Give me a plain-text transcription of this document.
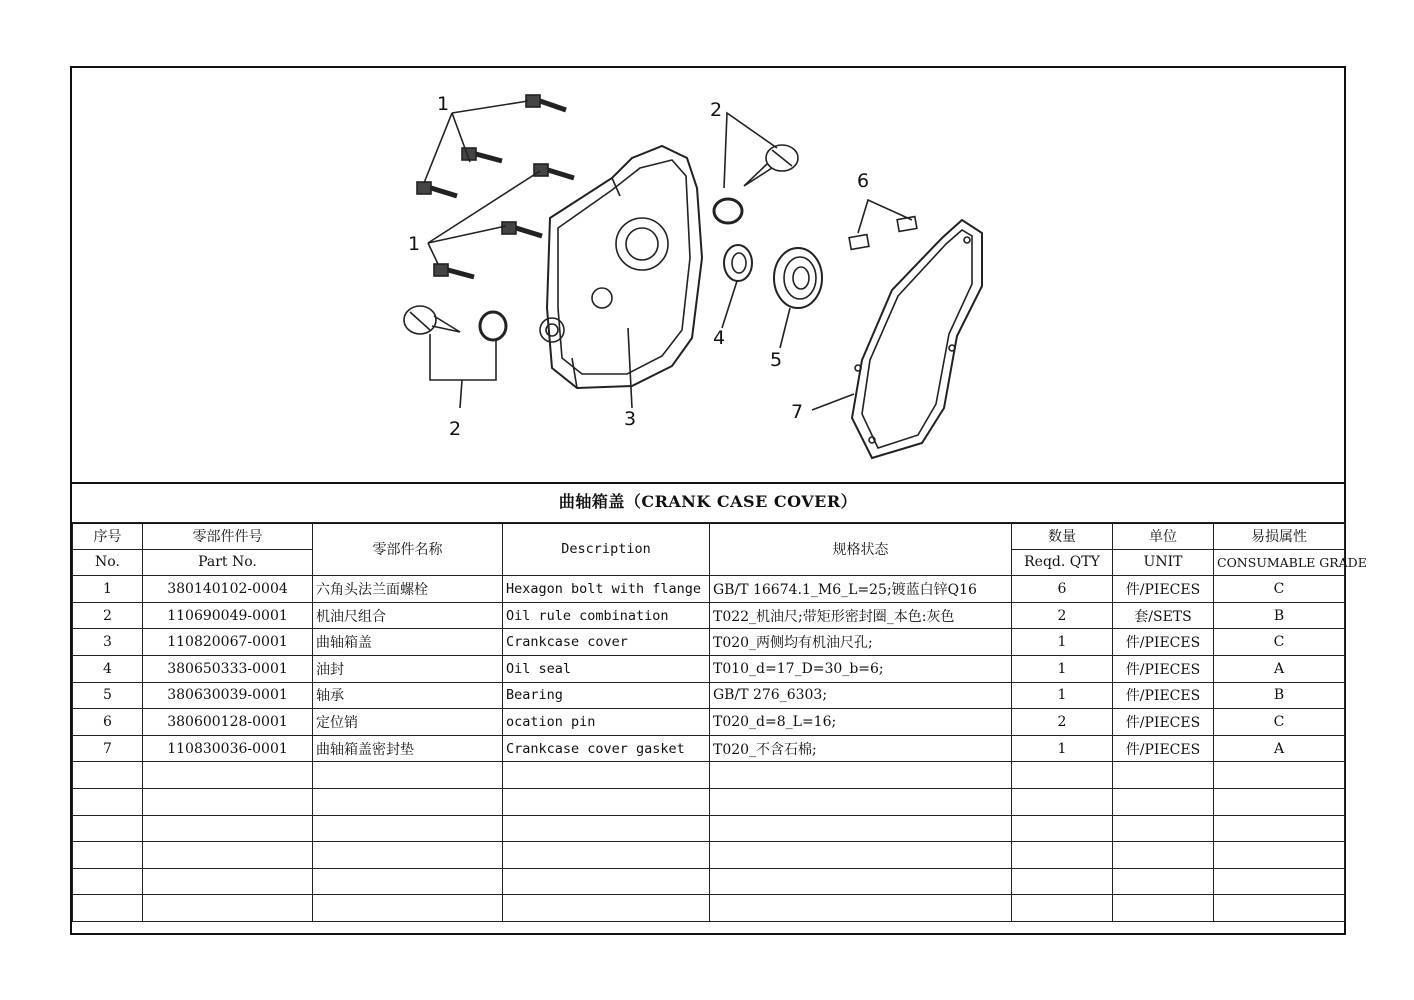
1
1
2
2	3
4
5
6
7
曲轴箱盖（CRANK CASE COVER）
序号	零部件件号	零部件名称	Description	规格状态	数量	单位	易损属性
No.	Part No.				Reqd. QTY	UNIT	CONSUMABLE GRADE
1	380140102-0004	六角头法兰面螺栓	Hexagon bolt with flange	GB/T 16674.1_M6_L=25;镀蓝白锌Q16	6	件/PIECES	C
2	110690049-0001	机油尺组合	Oil rule combination	T022_机油尺;带矩形密封圈_本色:灰色	2	套/SETS	B
3	110820067-0001	曲轴箱盖	Crankcase cover	T020_两侧均有机油尺孔;	1	件/PIECES	C
4	380650333-0001	油封	Oil seal	T010_d=17_D=30_b=6;	1	件/PIECES	A
5	380630039-0001	轴承	Bearing	GB/T 276_6303;	1	件/PIECES	B
6	380600128-0001	定位销	ocation pin	T020_d=8_L=16;	2	件/PIECES	C
7	110830036-0001	曲轴箱盖密封垫	Crankcase cover gasket	T020_不含石棉;	1	件/PIECES	A
